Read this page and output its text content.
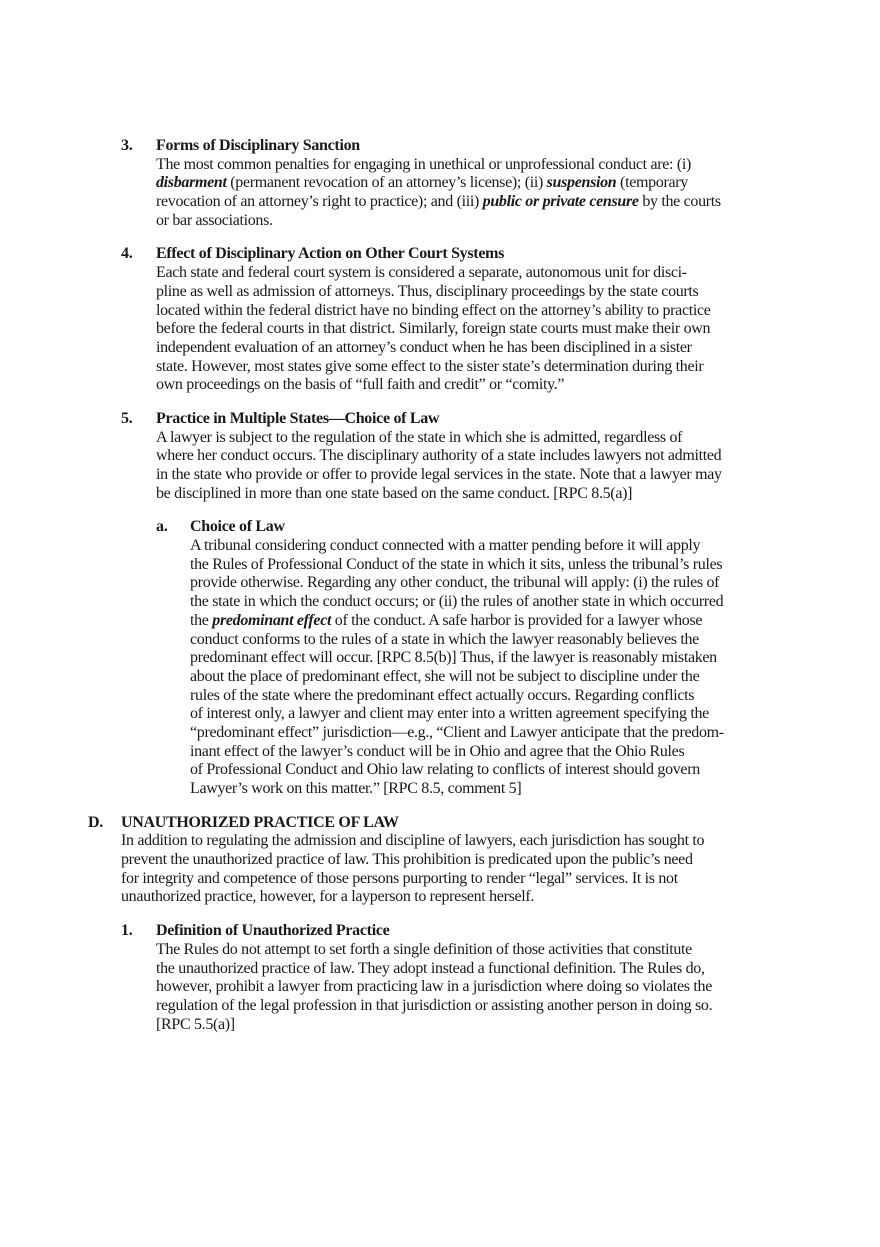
3. Forms of Disciplinary Sanction
The most common penalties for engaging in unethical or unprofessional conduct are: (i)
disbarment (permanent revocation of an attorney’s license); (ii) suspension (temporary
revocation of an attorney’s right to practice); and (iii) public or private censure by the courts
or bar associations.
4. Effect of Disciplinary Action on Other Court Systems
Each state and federal court system is considered a separate, autonomous unit for disci-
pline as well as admission of attorneys. Thus, disciplinary proceedings by the state courts
located within the federal district have no binding effect on the attorney’s ability to practice
before the federal courts in that district. Similarly, foreign state courts must make their own
independent evaluation of an attorney’s conduct when he has been disciplined in a sister
state. However, most states give some effect to the sister state’s determination during their
own proceedings on the basis of “full faith and credit” or “comity.”
5. Practice in Multiple States—Choice of Law
A lawyer is subject to the regulation of the state in which she is admitted, regardless of
where her conduct occurs. The disciplinary authority of a state includes lawyers not admitted
in the state who provide or offer to provide legal services in the state. Note that a lawyer may
be disciplined in more than one state based on the same conduct. [RPC 8.5(a)]
a. Choice of Law
A tribunal considering conduct connected with a matter pending before it will apply
the Rules of Professional Conduct of the state in which it sits, unless the tribunal’s rules
provide otherwise. Regarding any other conduct, the tribunal will apply: (i) the rules of
the state in which the conduct occurs; or (ii) the rules of another state in which occurred
the predominant effect of the conduct. A safe harbor is provided for a lawyer whose
conduct conforms to the rules of a state in which the lawyer reasonably believes the
predominant effect will occur. [RPC 8.5(b)] Thus, if the lawyer is reasonably mistaken
about the place of predominant effect, she will not be subject to discipline under the
rules of the state where the predominant effect actually occurs. Regarding conflicts
of interest only, a lawyer and client may enter into a written agreement specifying the
“predominant effect” jurisdiction—e.g., “Client and Lawyer anticipate that the predom-
inant effect of the lawyer’s conduct will be in Ohio and agree that the Ohio Rules
of Professional Conduct and Ohio law relating to conflicts of interest should govern
Lawyer’s work on this matter.” [RPC 8.5, comment 5]
D. UNAUTHORIZED PRACTICE OF LAW
In addition to regulating the admission and discipline of lawyers, each jurisdiction has sought to
prevent the unauthorized practice of law. This prohibition is predicated upon the public’s need
for integrity and competence of those persons purporting to render “legal” services. It is not
unauthorized practice, however, for a layperson to represent herself.
1. Definition of Unauthorized Practice
The Rules do not attempt to set forth a single definition of those activities that constitute
the unauthorized practice of law. They adopt instead a functional definition. The Rules do,
however, prohibit a lawyer from practicing law in a jurisdiction where doing so violates the
regulation of the legal profession in that jurisdiction or assisting another person in doing so.
[RPC 5.5(a)]
